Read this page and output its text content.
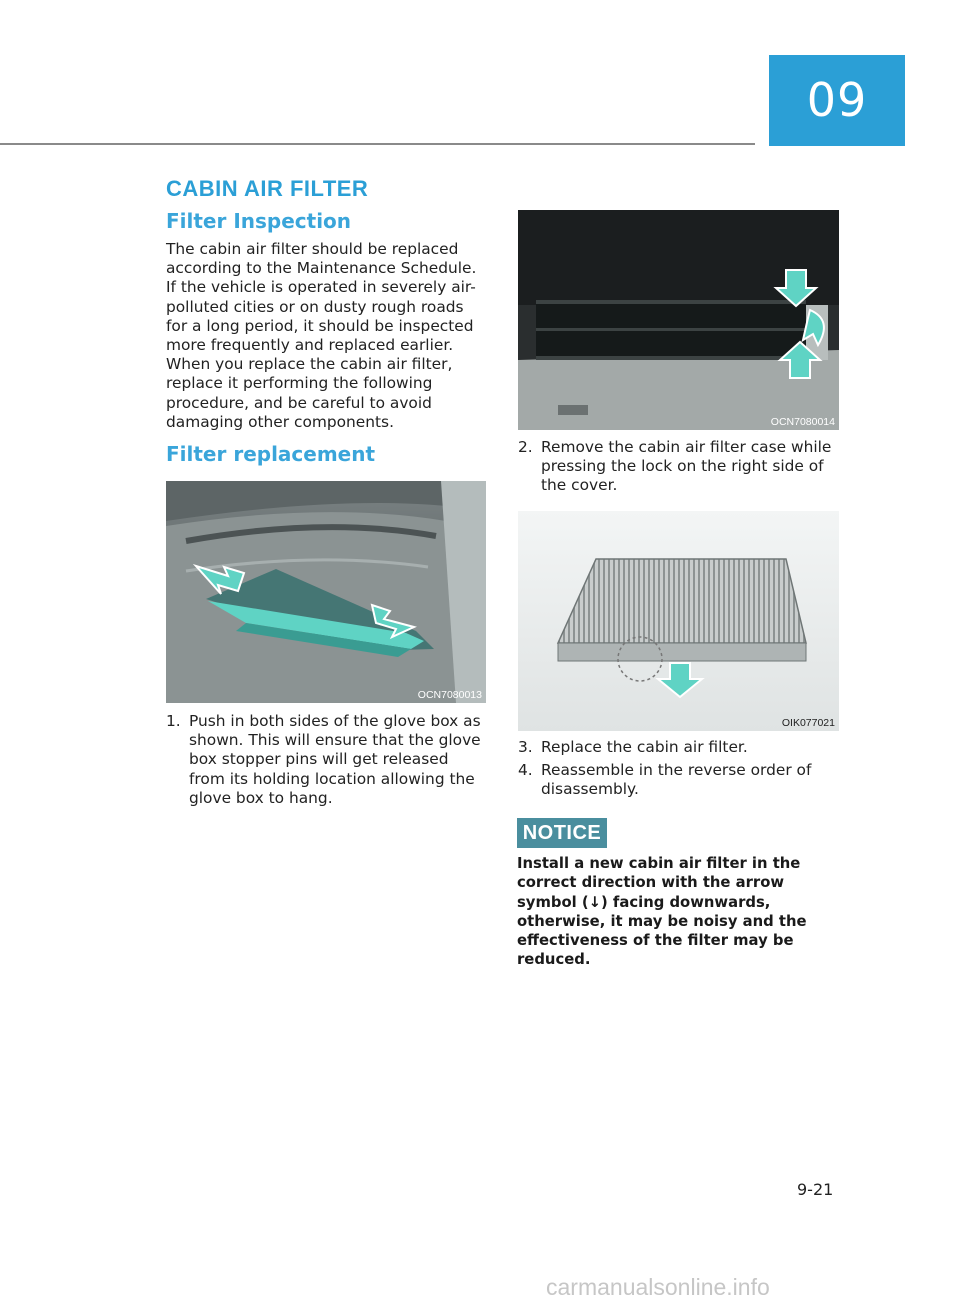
09
CABIN AIR FILTER
Filter Inspection

The cabin air filter should be replaced according to the Maintenance Schedule. If the vehicle is operated in severely air-polluted cities or on dusty rough roads for a long period, it should be inspected more frequently and replaced earlier. When you replace the cabin air filter, replace it performing the following procedure, and be careful to avoid damaging other components.

Filter replacement
OCN7080013
1. Push in both sides of the glove box as shown. This will ensure that the glove box stopper pins will get released from its holding location allowing the glove box to hang.
OCN7080014
2. Remove the cabin air filter case while pressing the lock on the right side of the cover.
OIK077021
3. Replace the cabin air filter.
4. Reassemble in the reverse order of disassembly.
NOTICE

Install a new cabin air filter in the correct direction with the arrow symbol (↓) facing downwards, otherwise, it may be noisy and the effectiveness of the filter may be reduced.

9-21
carmanualsonline.info
